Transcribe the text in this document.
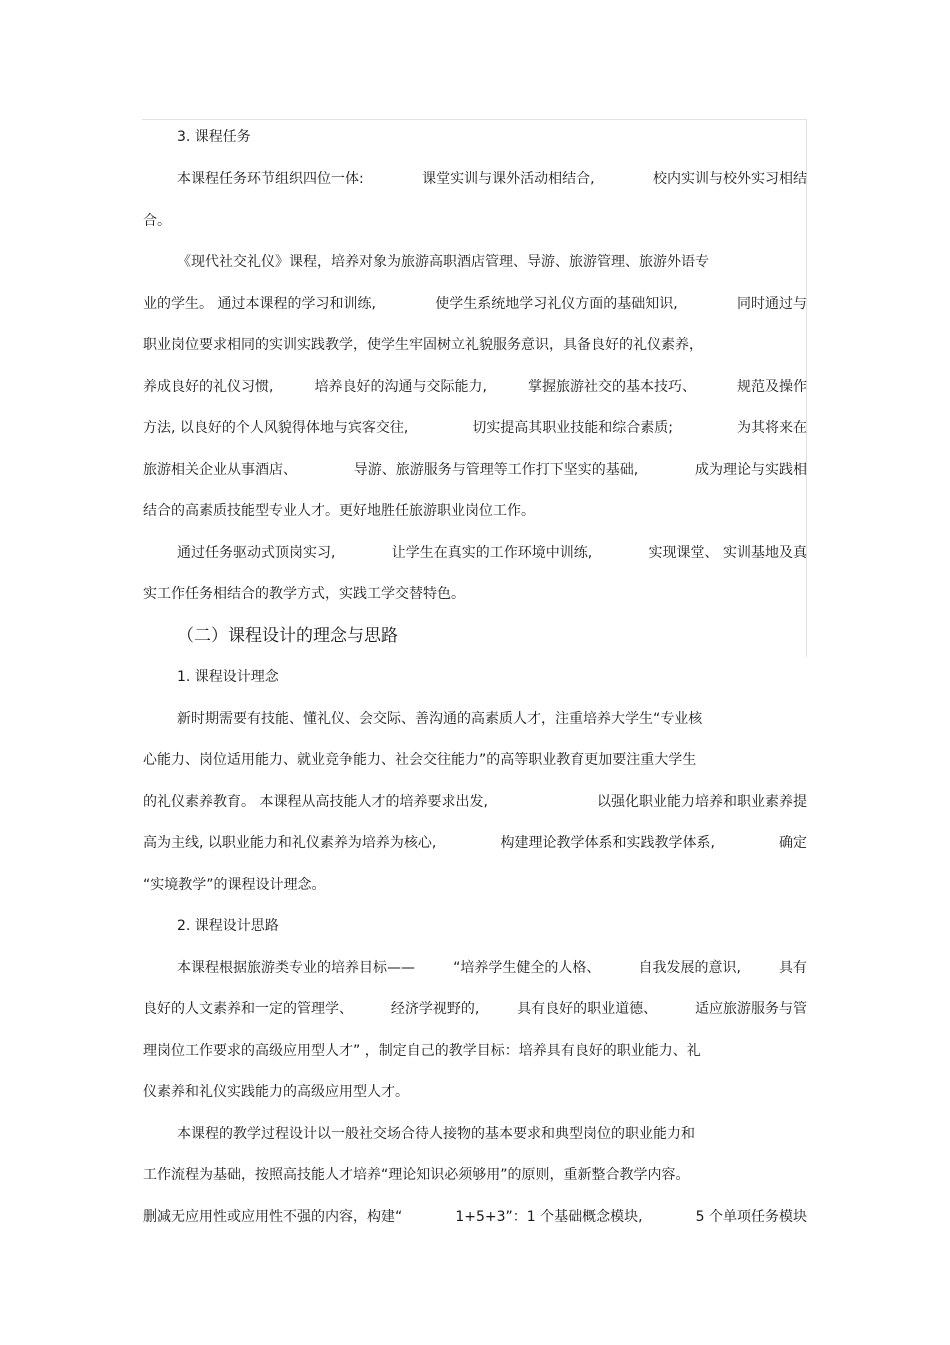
3. 课程任务
本课程任务环节组织四位一体:	课堂实训与课外活动相结合,	校内实训与校外实习相结
合。
《现代社交礼仪》课程，培养对象为旅游高职酒店管理、导游、旅游管理、旅游外语专
业的学生。 通过本课程的学习和训练,	使学生系统地学习礼仪方面的基础知识,	同时通过与
职业岗位要求相同的实训实践教学，使学生牢固树立礼貌服务意识，具备良好的礼仪素养，
养成良好的礼仪习惯,	培养良好的沟通与交际能力,	掌握旅游社交的基本技巧、	规范及操作
方法, 以良好的个人风貌得体地与宾客交往,	切实提高其职业技能和综合素质;	为其将来在
旅游相关企业从事酒店、	导游、旅游服务与管理等工作打下坚实的基础,	成为理论与实践相
结合的高素质技能型专业人才。更好地胜任旅游职业岗位工作。
通过任务驱动式顶岗实习,	让学生在真实的工作环境中训练,	实现课堂、 实训基地及真
实工作任务相结合的教学方式，实践工学交替特色。
（二）课程设计的理念与思路
1. 课程设计理念
新时期需要有技能、懂礼仪、会交际、善沟通的高素质人才，注重培养大学生“专业核
心能力、岗位适用能力、就业竞争能力、社会交往能力”的高等职业教育更加要注重大学生
的礼仪素养教育。 本课程从高技能人才的培养要求出发,	以强化职业能力培养和职业素养提
高为主线, 以职业能力和礼仪素养为培养为核心,	构建理论教学体系和实践教学体系,	确定
“实境教学”的课程设计理念。
2. 课程设计思路
本课程根据旅游类专业的培养目标——	“培养学生健全的人格、	自我发展的意识,	具有
良好的人文素养和一定的管理学、	经济学视野的,	具有良好的职业道德、	适应旅游服务与管
理岗位工作要求的高级应用型人才” ，制定自己的教学目标：培养具有良好的职业能力、礼
仪素养和礼仪实践能力的高级应用型人才。
本课程的教学过程设计以一般社交场合待人接物的基本要求和典型岗位的职业能力和
工作流程为基础，按照高技能人才培养“理论知识必须够用”的原则，重新整合教学内容。
删减无应用性或应用性不强的内容，构建“	1+5+3”：1 个基础概念模块,	5 个单项任务模块
